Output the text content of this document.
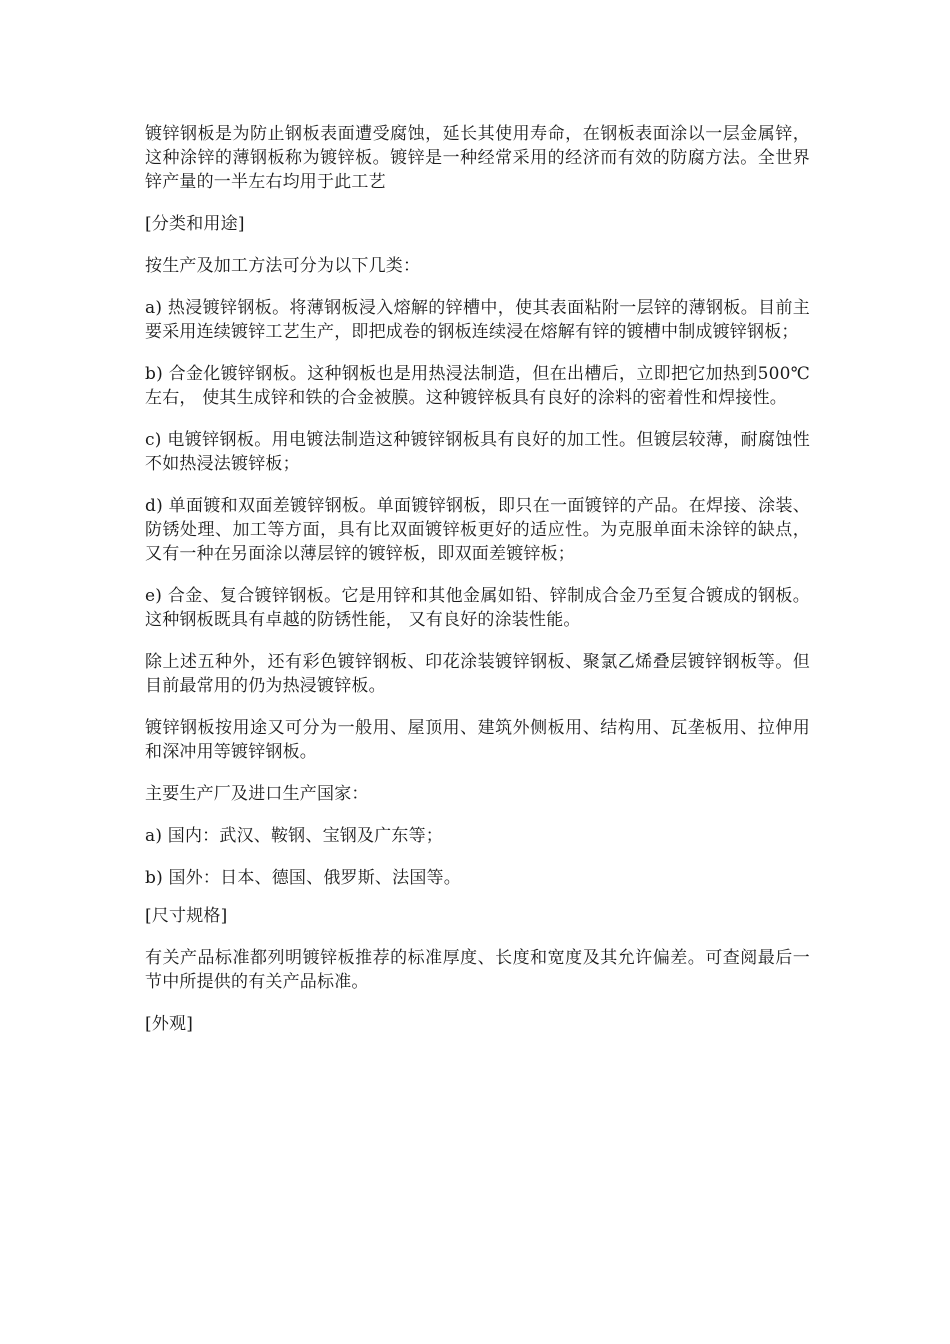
镀锌钢板是为防止钢板表面遭受腐蚀，延长其使用寿命，在钢板表面涂以一层金属锌，这种涂锌的薄钢板称为镀锌板。镀锌是一种经常采用的经济而有效的防腐方法。全世界锌产量的一半左右均用于此工艺

[分类和用途]

按生产及加工方法可分为以下几类：

a) 热浸镀锌钢板。将薄钢板浸入熔解的锌槽中，使其表面粘附一层锌的薄钢板。目前主要采用连续镀锌工艺生产，即把成卷的钢板连续浸在熔解有锌的镀槽中制成镀锌钢板；

b) 合金化镀锌钢板。这种钢板也是用热浸法制造，但在出槽后，立即把它加热到500℃左右， 使其生成锌和铁的合金被膜。这种镀锌板具有良好的涂料的密着性和焊接性。

c) 电镀锌钢板。用电镀法制造这种镀锌钢板具有良好的加工性。但镀层较薄，耐腐蚀性不如热浸法镀锌板；

d) 单面镀和双面差镀锌钢板。单面镀锌钢板，即只在一面镀锌的产品。在焊接、涂装、防锈处理、加工等方面，具有比双面镀锌板更好的适应性。为克服单面未涂锌的缺点， 又有一种在另面涂以薄层锌的镀锌板，即双面差镀锌板；

e) 合金、复合镀锌钢板。它是用锌和其他金属如铅、锌制成合金乃至复合镀成的钢板。这种钢板既具有卓越的防锈性能， 又有良好的涂装性能。

除上述五种外，还有彩色镀锌钢板、印花涂装镀锌钢板、聚氯乙烯叠层镀锌钢板等。但目前最常用的仍为热浸镀锌板。

镀锌钢板按用途又可分为一般用、屋顶用、建筑外侧板用、结构用、瓦垄板用、拉伸用和深冲用等镀锌钢板。

主要生产厂及进口生产国家：

a) 国内：武汉、鞍钢、宝钢及广东等；

b) 国外：日本、德国、俄罗斯、法国等。

[尺寸规格]

有关产品标准都列明镀锌板推荐的标准厚度、长度和宽度及其允许偏差。可查阅最后一节中所提供的有关产品标准。

[外观]
